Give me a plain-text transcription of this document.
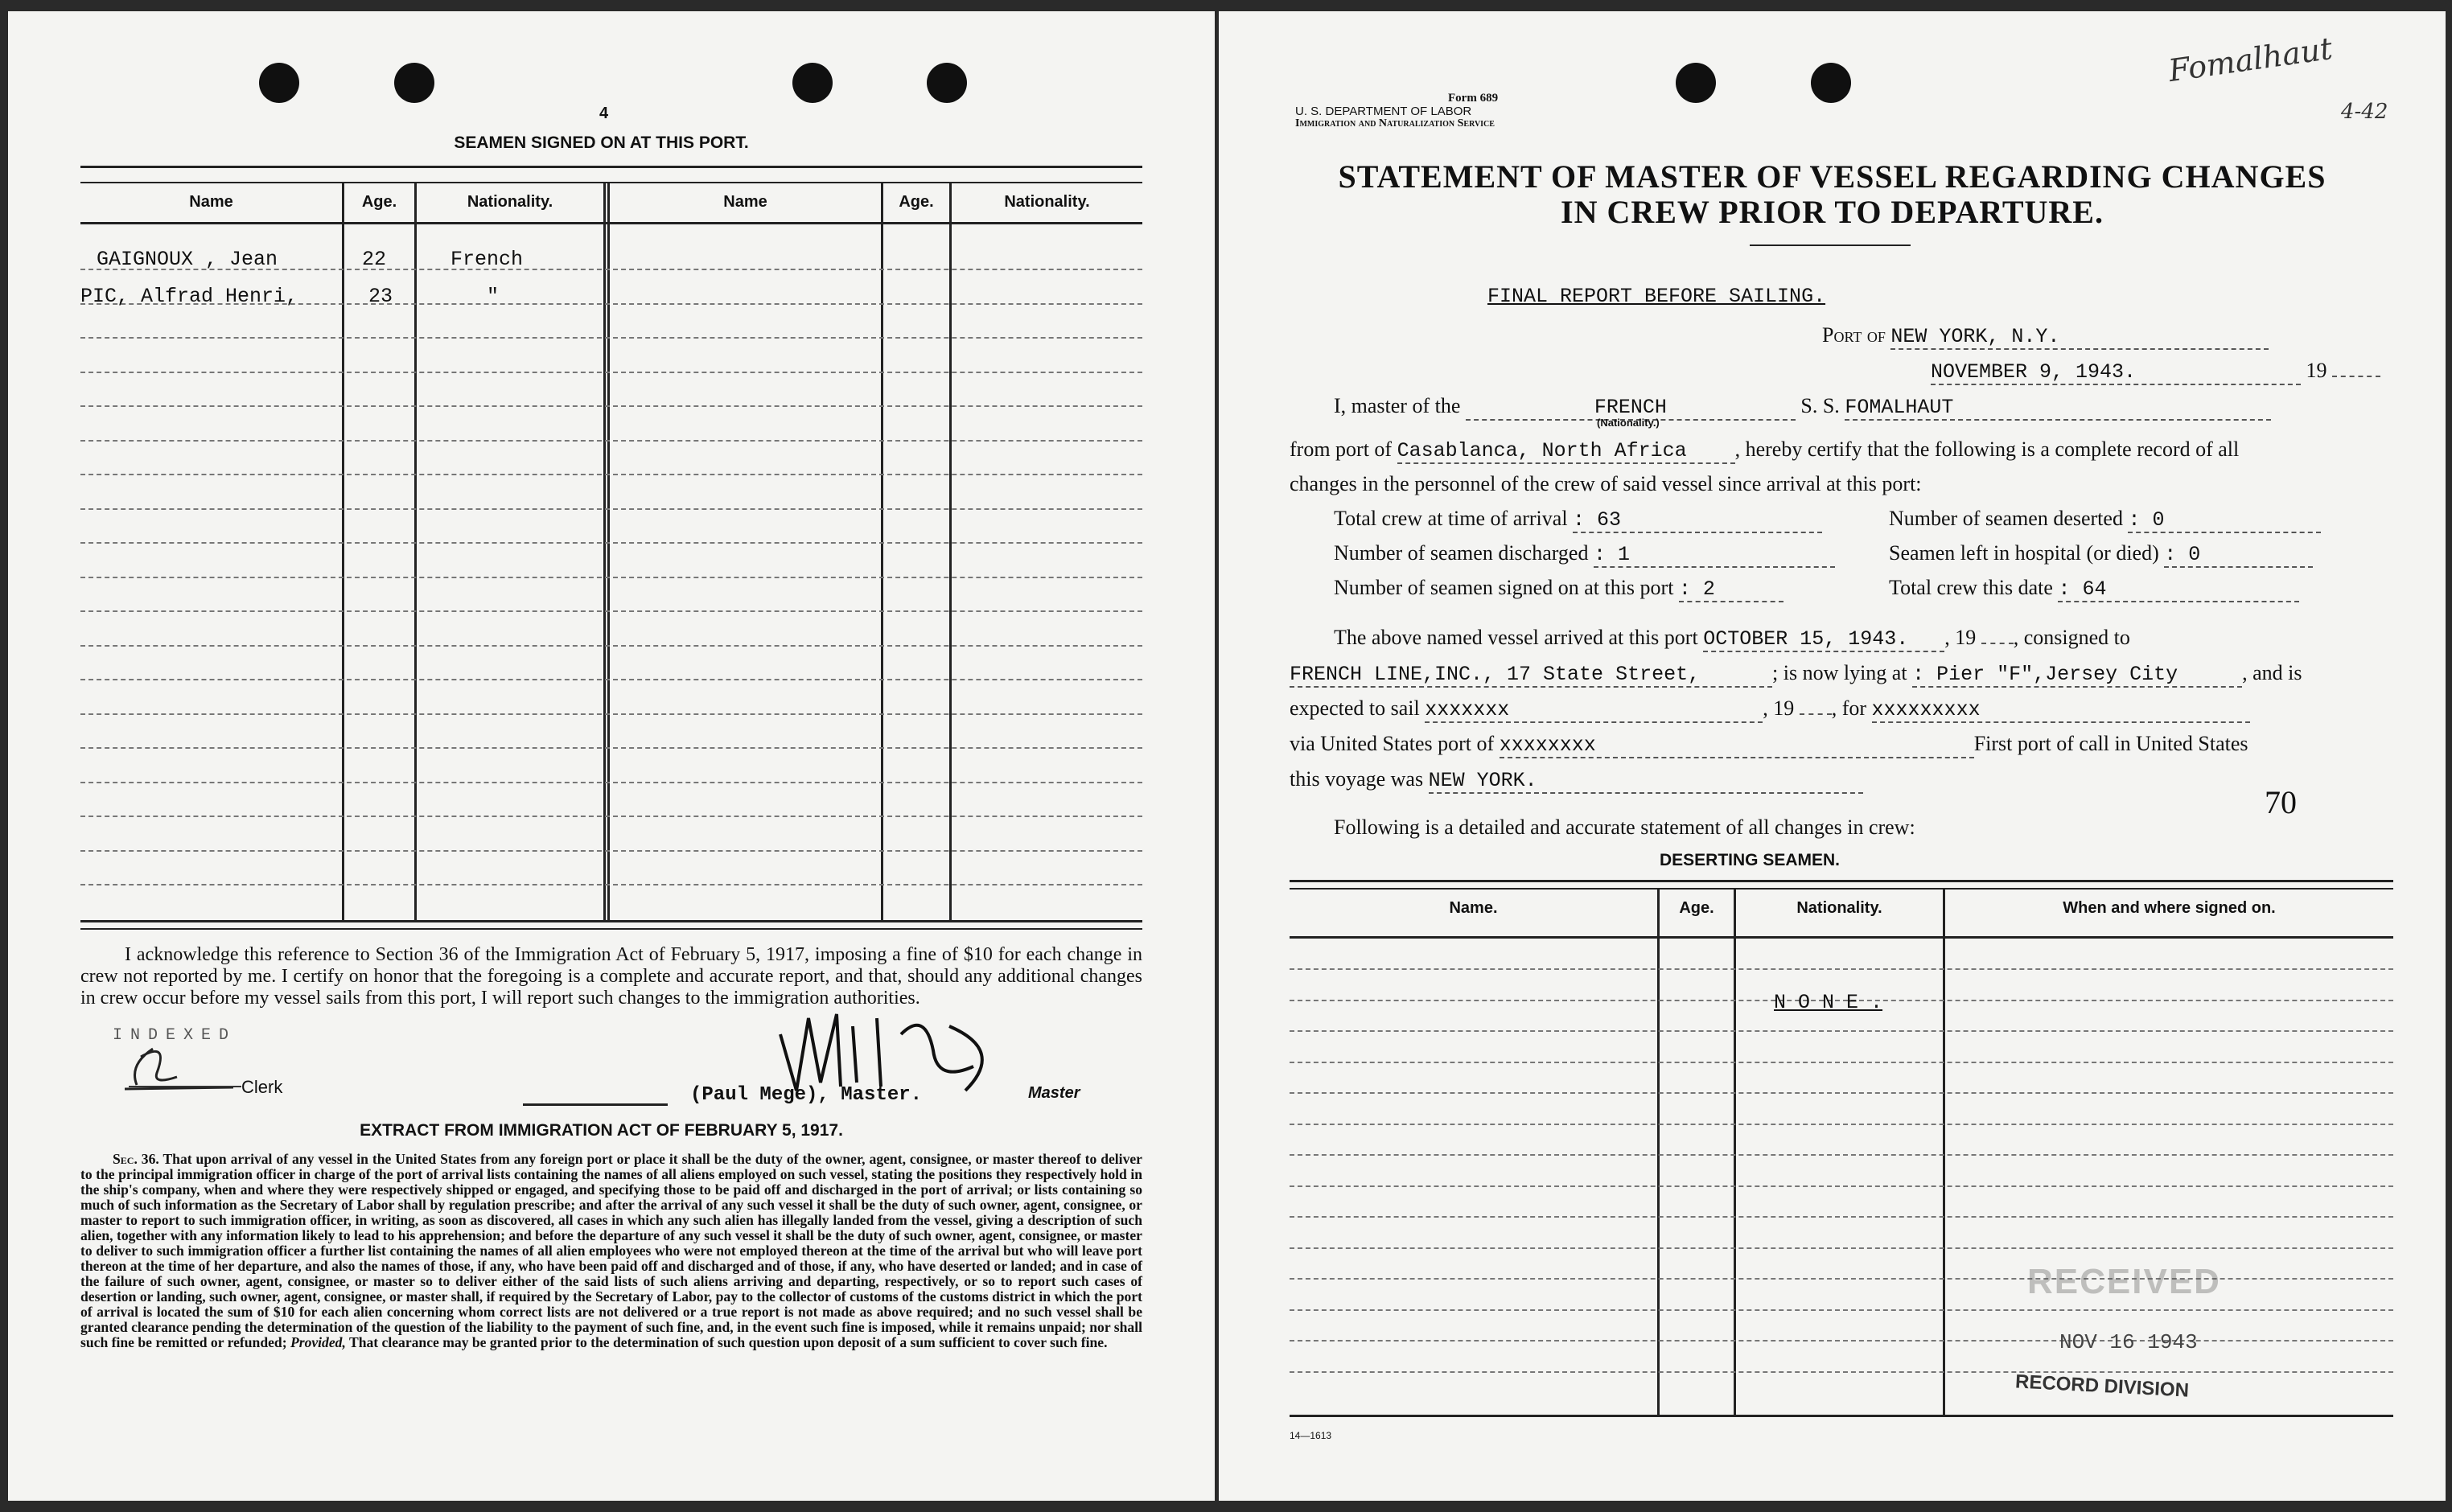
4
SEAMEN SIGNED ON AT THIS PORT.
Name	Age.	Nationality.	Name	Age.	Nationality.
GAIGNOUX , Jean	22	French
PIC, Alfrad Henri,	23	"
I acknowledge this reference to Section 36 of the Immigration Act of February 5, 1917, imposing a fine of $10 for each change in crew not reported by me. I certify on honor that the foregoing is a complete and accurate report, and that, should any additional changes in crew occur before my vessel sails from this port, I will report such changes to the immigration authorities.
INDEXED
Clerk	(Paul Mege), Master.	Master
EXTRACT FROM IMMIGRATION ACT OF FEBRUARY 5, 1917.
Sec. 36. That upon arrival of any vessel in the United States from any foreign port or place it shall be the duty of the owner, agent, consignee, or master thereof to deliver to the principal immigration officer in charge of the port of arrival lists containing the names of all aliens employed on such vessel, stating the positions they respectively hold in the ship's company, when and where they were respectively shipped or engaged, and specifying those to be paid off and discharged in the port of arrival; or lists containing so much of such information as the Secretary of Labor shall by regulation prescribe; and after the arrival of any such vessel it shall be the duty of such owner, agent, consignee, or master to report to such immigration officer, in writing, as soon as discovered, all cases in which any such alien has illegally landed from the vessel, giving a description of such alien, together with any information likely to lead to his apprehension; and before the departure of any such vessel it shall be the duty of such owner, agent, consignee, or master to deliver to such immigration officer a further list containing the names of all alien employees who were not employed thereon at the time of the arrival but who will leave port thereon at the time of her departure, and also the names of those, if any, who have been paid off and discharged and of those, if any, who have deserted or landed; and in case of the failure of such owner, agent, consignee, or master so to deliver either of the said lists of such aliens arriving and departing, respectively, or so to report such cases of desertion or landing, such owner, agent, consignee, or master shall, if required by the Secretary of Labor, pay to the collector of customs of the customs district in which the port of arrival is located the sum of $10 for each alien concerning whom correct lists are not delivered or a true report is not made as above required; and no such vessel shall be granted clearance pending the determination of the question of the liability to the payment of such fine, and, in the event such fine is imposed, while it remains unpaid; nor shall such fine be remitted or refunded; Provided, That clearance may be granted prior to the determination of such question upon deposit of a sum sufficient to cover such fine.
Form 689
U. S. DEPARTMENT OF LABOR
Immigration and Naturalization Service
Fomalhaut
4-42
STATEMENT OF MASTER OF VESSEL REGARDING CHANGES
IN CREW PRIOR TO DEPARTURE.
FINAL REPORT BEFORE SAILING.
Port of NEW YORK, N.Y.
NOVEMBER 9, 1943.	19
I, master of the	FRENCH	S. S. FOMALHAUT
(Nationality.)
from port of Casablanca, North Africa , hereby certify that the following is a complete record of all
changes in the personnel of the crew of said vessel since arrival at this port:
Total crew at time of arrival : 63	Number of seamen deserted : 0
Number of seamen discharged : 1	Seamen left in hospital (or died) : 0
Number of seamen signed on at this port : 2	Total crew this date : 64
The above named vessel arrived at this port OCTOBER 15, 1943. , 19 , consigned to
FRENCH LINE,INC., 17 State Street,	; is now lying at : Pier "F",Jersey City	, and is
expected to sail xxxxxxx	, 19 , for xxxxxxxxx
via United States port of xxxxxxxx	First port of call in United States
this voyage was NEW YORK.
70
Following is a detailed and accurate statement of all changes in crew:
DESERTING SEAMEN.
Name.	Age.	Nationality.	When and where signed on.
N O N E .
RECEIVED
NOV 16 1943
RECORD DIVISION
14—1613
